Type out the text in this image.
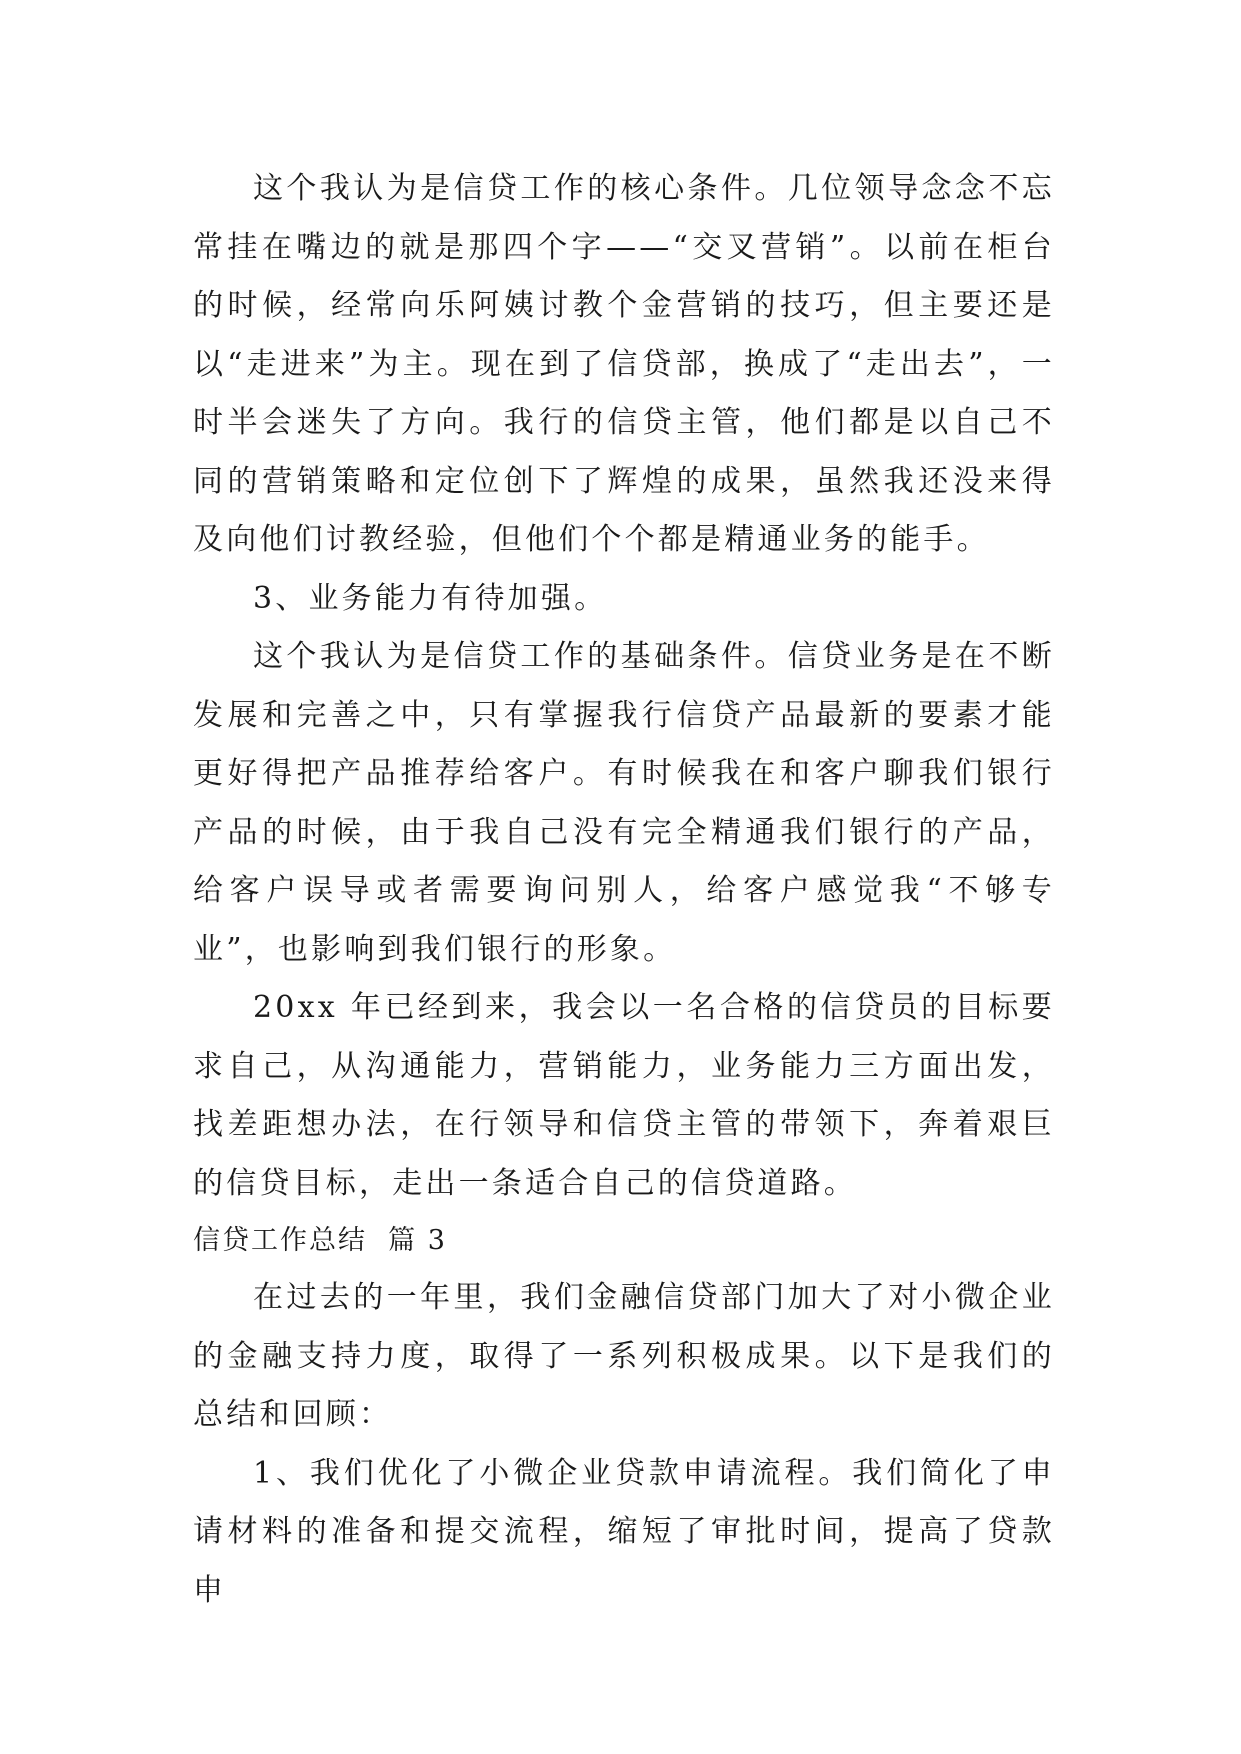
这个我认为是信贷工作的核心条件。几位领导念念不忘常挂在嘴边的就是那四个字——“交叉营销”。以前在柜台的时候，经常向乐阿姨讨教个金营销的技巧，但主要还是以“走进来”为主。现在到了信贷部，换成了“走出去”，一时半会迷失了方向。我行的信贷主管，他们都是以自己不同的营销策略和定位创下了辉煌的成果，虽然我还没来得及向他们讨教经验，但他们个个都是精通业务的能手。

3、业务能力有待加强。

这个我认为是信贷工作的基础条件。信贷业务是在不断发展和完善之中，只有掌握我行信贷产品最新的要素才能更好得把产品推荐给客户。有时候我在和客户聊我们银行产品的时候，由于我自己没有完全精通我们银行的产品，给客户误导或者需要询问别人，给客户感觉我“不够专业”，也影响到我们银行的形象。

20xx 年已经到来，我会以一名合格的信贷员的目标要求自己，从沟通能力，营销能力，业务能力三方面出发，找差距想办法，在行领导和信贷主管的带领下，奔着艰巨的信贷目标，走出一条适合自己的信贷道路。

信贷工作总结  篇 3

在过去的一年里，我们金融信贷部门加大了对小微企业的金融支持力度，取得了一系列积极成果。以下是我们的总结和回顾：

1、我们优化了小微企业贷款申请流程。我们简化了申请材料的准备和提交流程，缩短了审批时间，提高了贷款申
